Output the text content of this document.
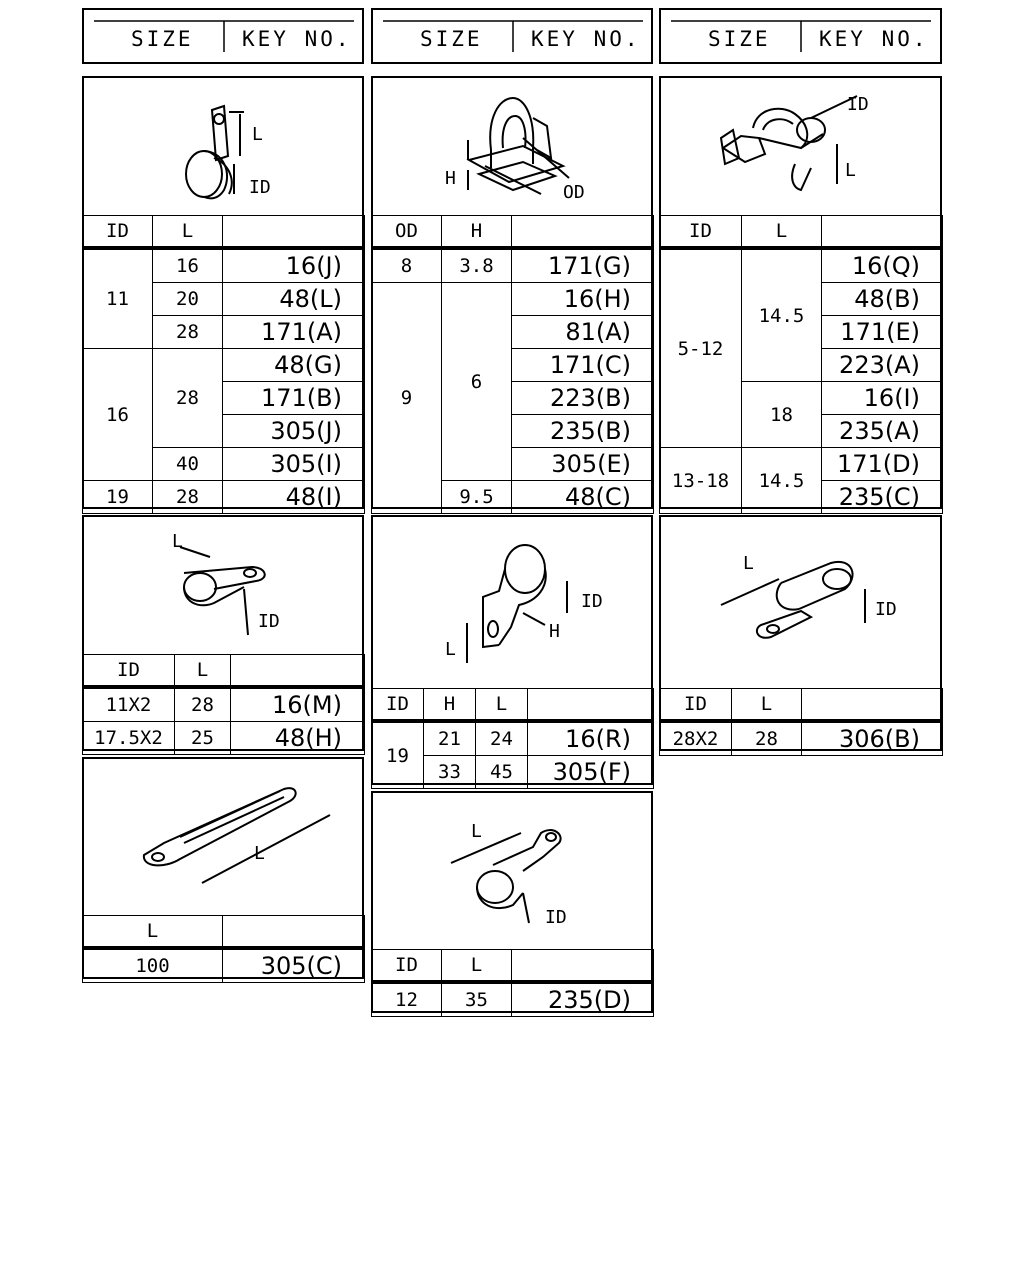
SIZE KEY NO.	SIZE KEY NO.	SIZE KEY NO.
L
ID
ID	L	
11	16	16(J)
	20	48(L)
	28	171(A)
16	28	48(G)
		171(B)
		305(J)
	40	305(I)
19	28	48(I)
H
OD
OD	H	
8	3.8	171(G)
9	6	16(H)
		81(A)
		171(C)
		223(B)
		235(B)
		305(E)
	9.5	48(C)
ID
L
ID	L	
5-12	14.5	16(Q)
		48(B)
		171(E)
		223(A)
	18	16(I)
		235(A)
13-18	14.5	171(D)
		235(C)
L
ID
ID	L	
11X2	28	16(M)
17.5X2	25	48(H)
ID
H
L
ID	H	L	
19	21	24	16(R)
	33	45	305(F)
L
ID
ID	L	
28X2	28	306(B)
L
L	
100	305(C)
L
ID
ID	L	
12	35	235(D)
